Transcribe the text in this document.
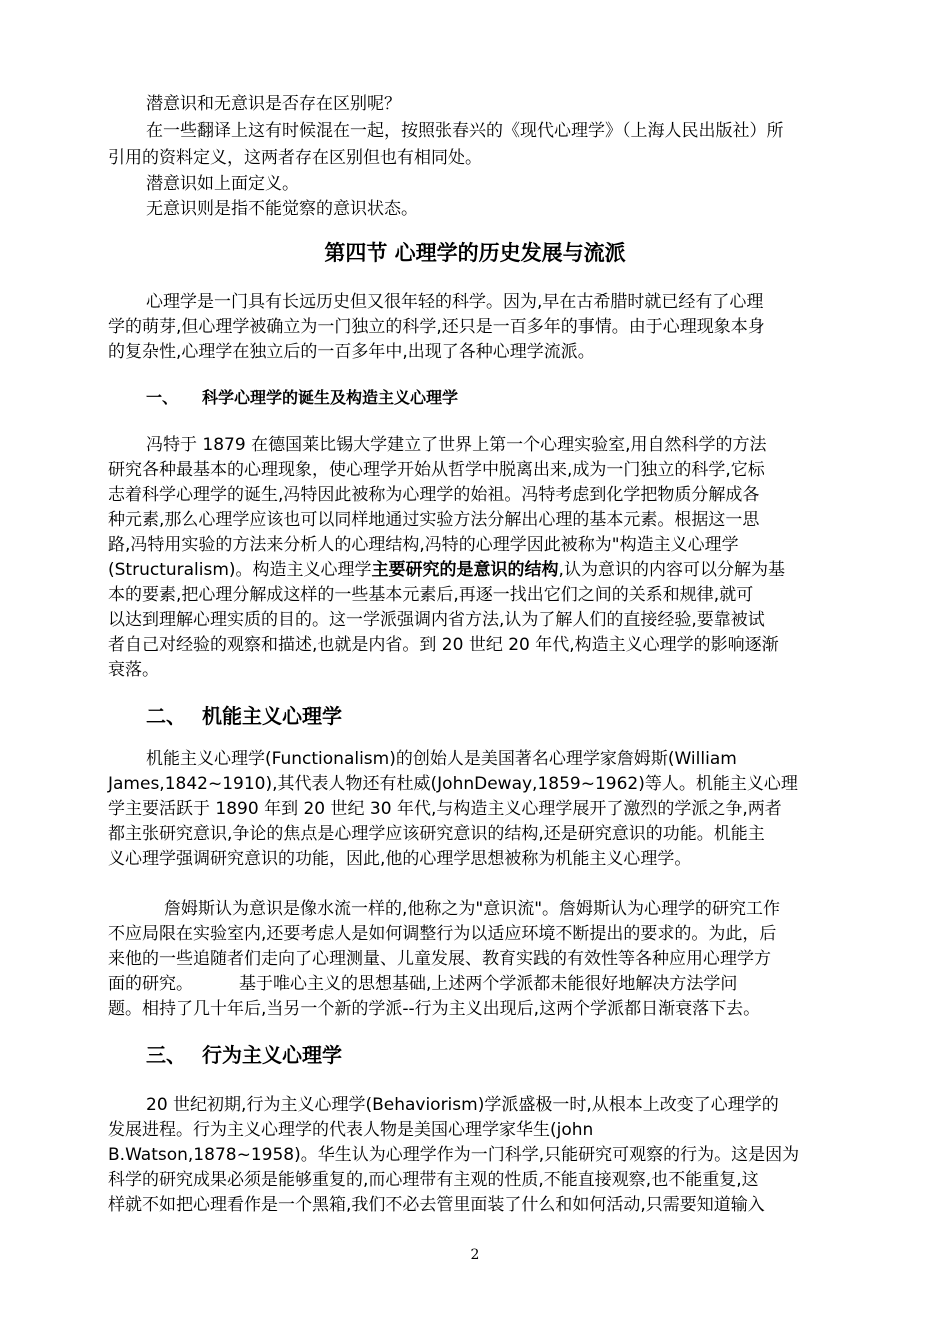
潜意识和无意识是否存在区别呢？
在一些翻译上这有时候混在一起，按照张春兴的《现代心理学》（上海人民出版社）所
引用的资料定义，这两者存在区别但也有相同处。
潜意识如上面定义。
无意识则是指不能觉察的意识状态。
第四节 心理学的历史发展与流派
心理学是一门具有长远历史但又很年轻的科学。因为,早在古希腊时就已经有了心理
学的萌芽,但心理学被确立为一门独立的科学,还只是一百多年的事情。由于心理现象本身
的复杂性,心理学在独立后的一百多年中,出现了各种心理学流派。
一、 科学心理学的诞生及构造主义心理学
冯特于 1879 在德国莱比锡大学建立了世界上第一个心理实验室,用自然科学的方法
研究各种最基本的心理现象，使心理学开始从哲学中脱离出来,成为一门独立的科学,它标
志着科学心理学的诞生,冯特因此被称为心理学的始祖。冯特考虑到化学把物质分解成各
种元素,那么心理学应该也可以同样地通过实验方法分解出心理的基本元素。根据这一思
路,冯特用实验的方法来分析人的心理结构,冯特的心理学因此被称为"构造主义心理学
(Structuralism)。构造主义心理学主要研究的是意识的结构,认为意识的内容可以分解为基
本的要素,把心理分解成这样的一些基本元素后,再逐一找出它们之间的关系和规律,就可
以达到理解心理实质的目的。这一学派强调内省方法,认为了解人们的直接经验,要靠被试
者自己对经验的观察和描述,也就是内省。到 20 世纪 20 年代,构造主义心理学的影响逐渐
衰落。
二、 机能主义心理学
机能主义心理学(Functionalism)的创始人是美国著名心理学家詹姆斯(William
James,1842~1910),其代表人物还有杜威(JohnDeway,1859~1962)等人。机能主义心理
学主要活跃于 1890 年到 20 世纪 30 年代,与构造主义心理学展开了激烈的学派之争,两者
都主张研究意识,争论的焦点是心理学应该研究意识的结构,还是研究意识的功能。机能主
义心理学强调研究意识的功能，因此,他的心理学思想被称为机能主义心理学。
詹姆斯认为意识是像水流一样的,他称之为"意识流"。詹姆斯认为心理学的研究工作
不应局限在实验室内,还要考虑人是如何调整行为以适应环境不断提出的要求的。为此，后
来他的一些追随者们走向了心理测量、儿童发展、教育实践的有效性等各种应用心理学方
面的研究。	基于唯心主义的思想基础,上述两个学派都未能很好地解决方法学问
题。相持了几十年后,当另一个新的学派--行为主义出现后,这两个学派都日渐衰落下去。
三、 行为主义心理学
20 世纪初期,行为主义心理学(Behaviorism)学派盛极一时,从根本上改变了心理学的
发展进程。行为主义心理学的代表人物是美国心理学家华生(john
B.Watson,1878~1958)。华生认为心理学作为一门科学,只能研究可观察的行为。这是因为
科学的研究成果必须是能够重复的,而心理带有主观的性质,不能直接观察,也不能重复,这
样就不如把心理看作是一个黑箱,我们不必去管里面装了什么和如何活动,只需要知道输入
2
